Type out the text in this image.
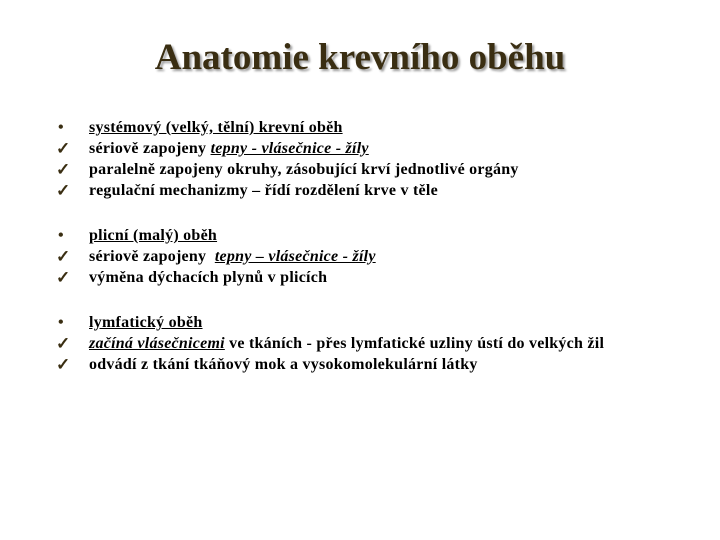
Anatomie krevního oběhu
•	systémový (velký, tělní) krevní oběh
✓	sériově zapojeny tepny - vlásečnice - žíly
✓	paralelně zapojeny okruhy, zásobující krví jednotlivé orgány
✓	regulační mechanizmy – řídí rozdělení krve v těle
•	plicní (malý) oběh
✓	sériově zapojeny  tepny – vlásečnice - žíly
✓	výměna dýchacích plynů v plicích
•	lymfatický oběh
✓	začíná vlásečnicemi ve tkáních - přes lymfatické uzliny ústí do velkých žil
✓	odvádí z tkání tkáňový mok a vysokomolekulární látky
